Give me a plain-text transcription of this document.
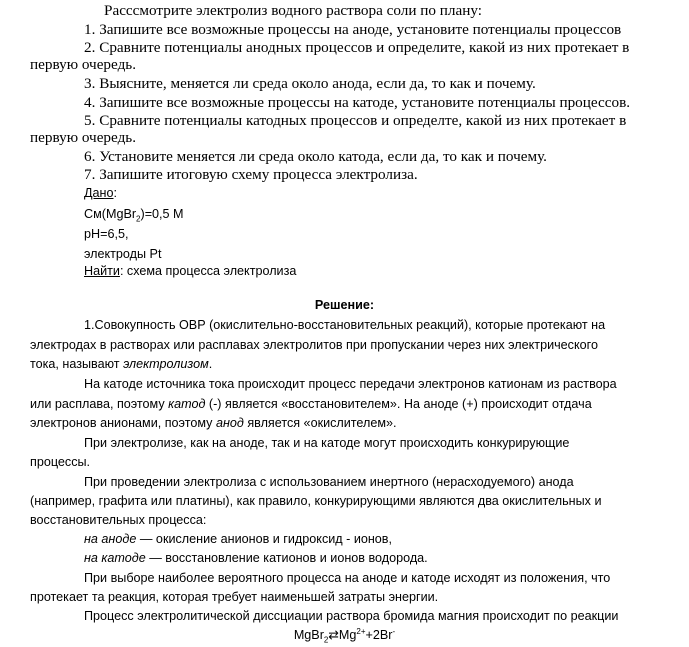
Расссмотрите электролиз водного раствора соли по плану:
1. Запишите все возможные процессы на аноде, установите потенциалы процессов
2. Сравните потенциалы анодных процессов и определите, какой из них протекает в
первую очередь.
3. Выясните, меняется ли среда около анода, если да, то как и почему.
4. Запишите все возможные процессы на катоде, установите потенциалы процессов.
5. Сравните потенциалы катодных процессов и определте, какой из них протекает в
первую очередь.
6. Установите меняется ли среда около катода, если да, то как и почему.
7. Запишите итоговую схему процесса электролиза.
Дано:
См(MgBr$_2$)=0,5 М
pH=6,5,
электроды Pt
Найти: схема процесса электролиза
Решение:
1.Совокупность ОВР (окислительно-восстановительных реакций), которые протекают на
электродах в растворах или расплавах электролитов при пропускании через них электрического
тока, называют электролизом.
На катоде источника тока происходит процесс передачи электронов катионам из раствора
или расплава, поэтому катод (-) является «восстановителем». На аноде (+) происходит отдача
электронов анионами, поэтому анод является «окислителем».
При электролизе, как на аноде, так и на катоде могут происходить конкурирующие
процессы.
При проведении электролиза с использованием инертного (нерасходуемого) анода
(например, графита или платины), как правило, конкурирующими являются два окислительных и
восстановительных процесса:
на аноде — окисление анионов и гидроксид - ионов,
на катоде — восстановление катионов и ионов водорода.
При выборе наиболее вероятного процесса на аноде и катоде исходят из положения, что
протекает та реакция, которая требует наименьшей затраты энергии.
Процесс электролитической диссциации раствора бромида магния происходит по реакции
$MgBr_2⇄Mg^{2+}+2Br^-$
